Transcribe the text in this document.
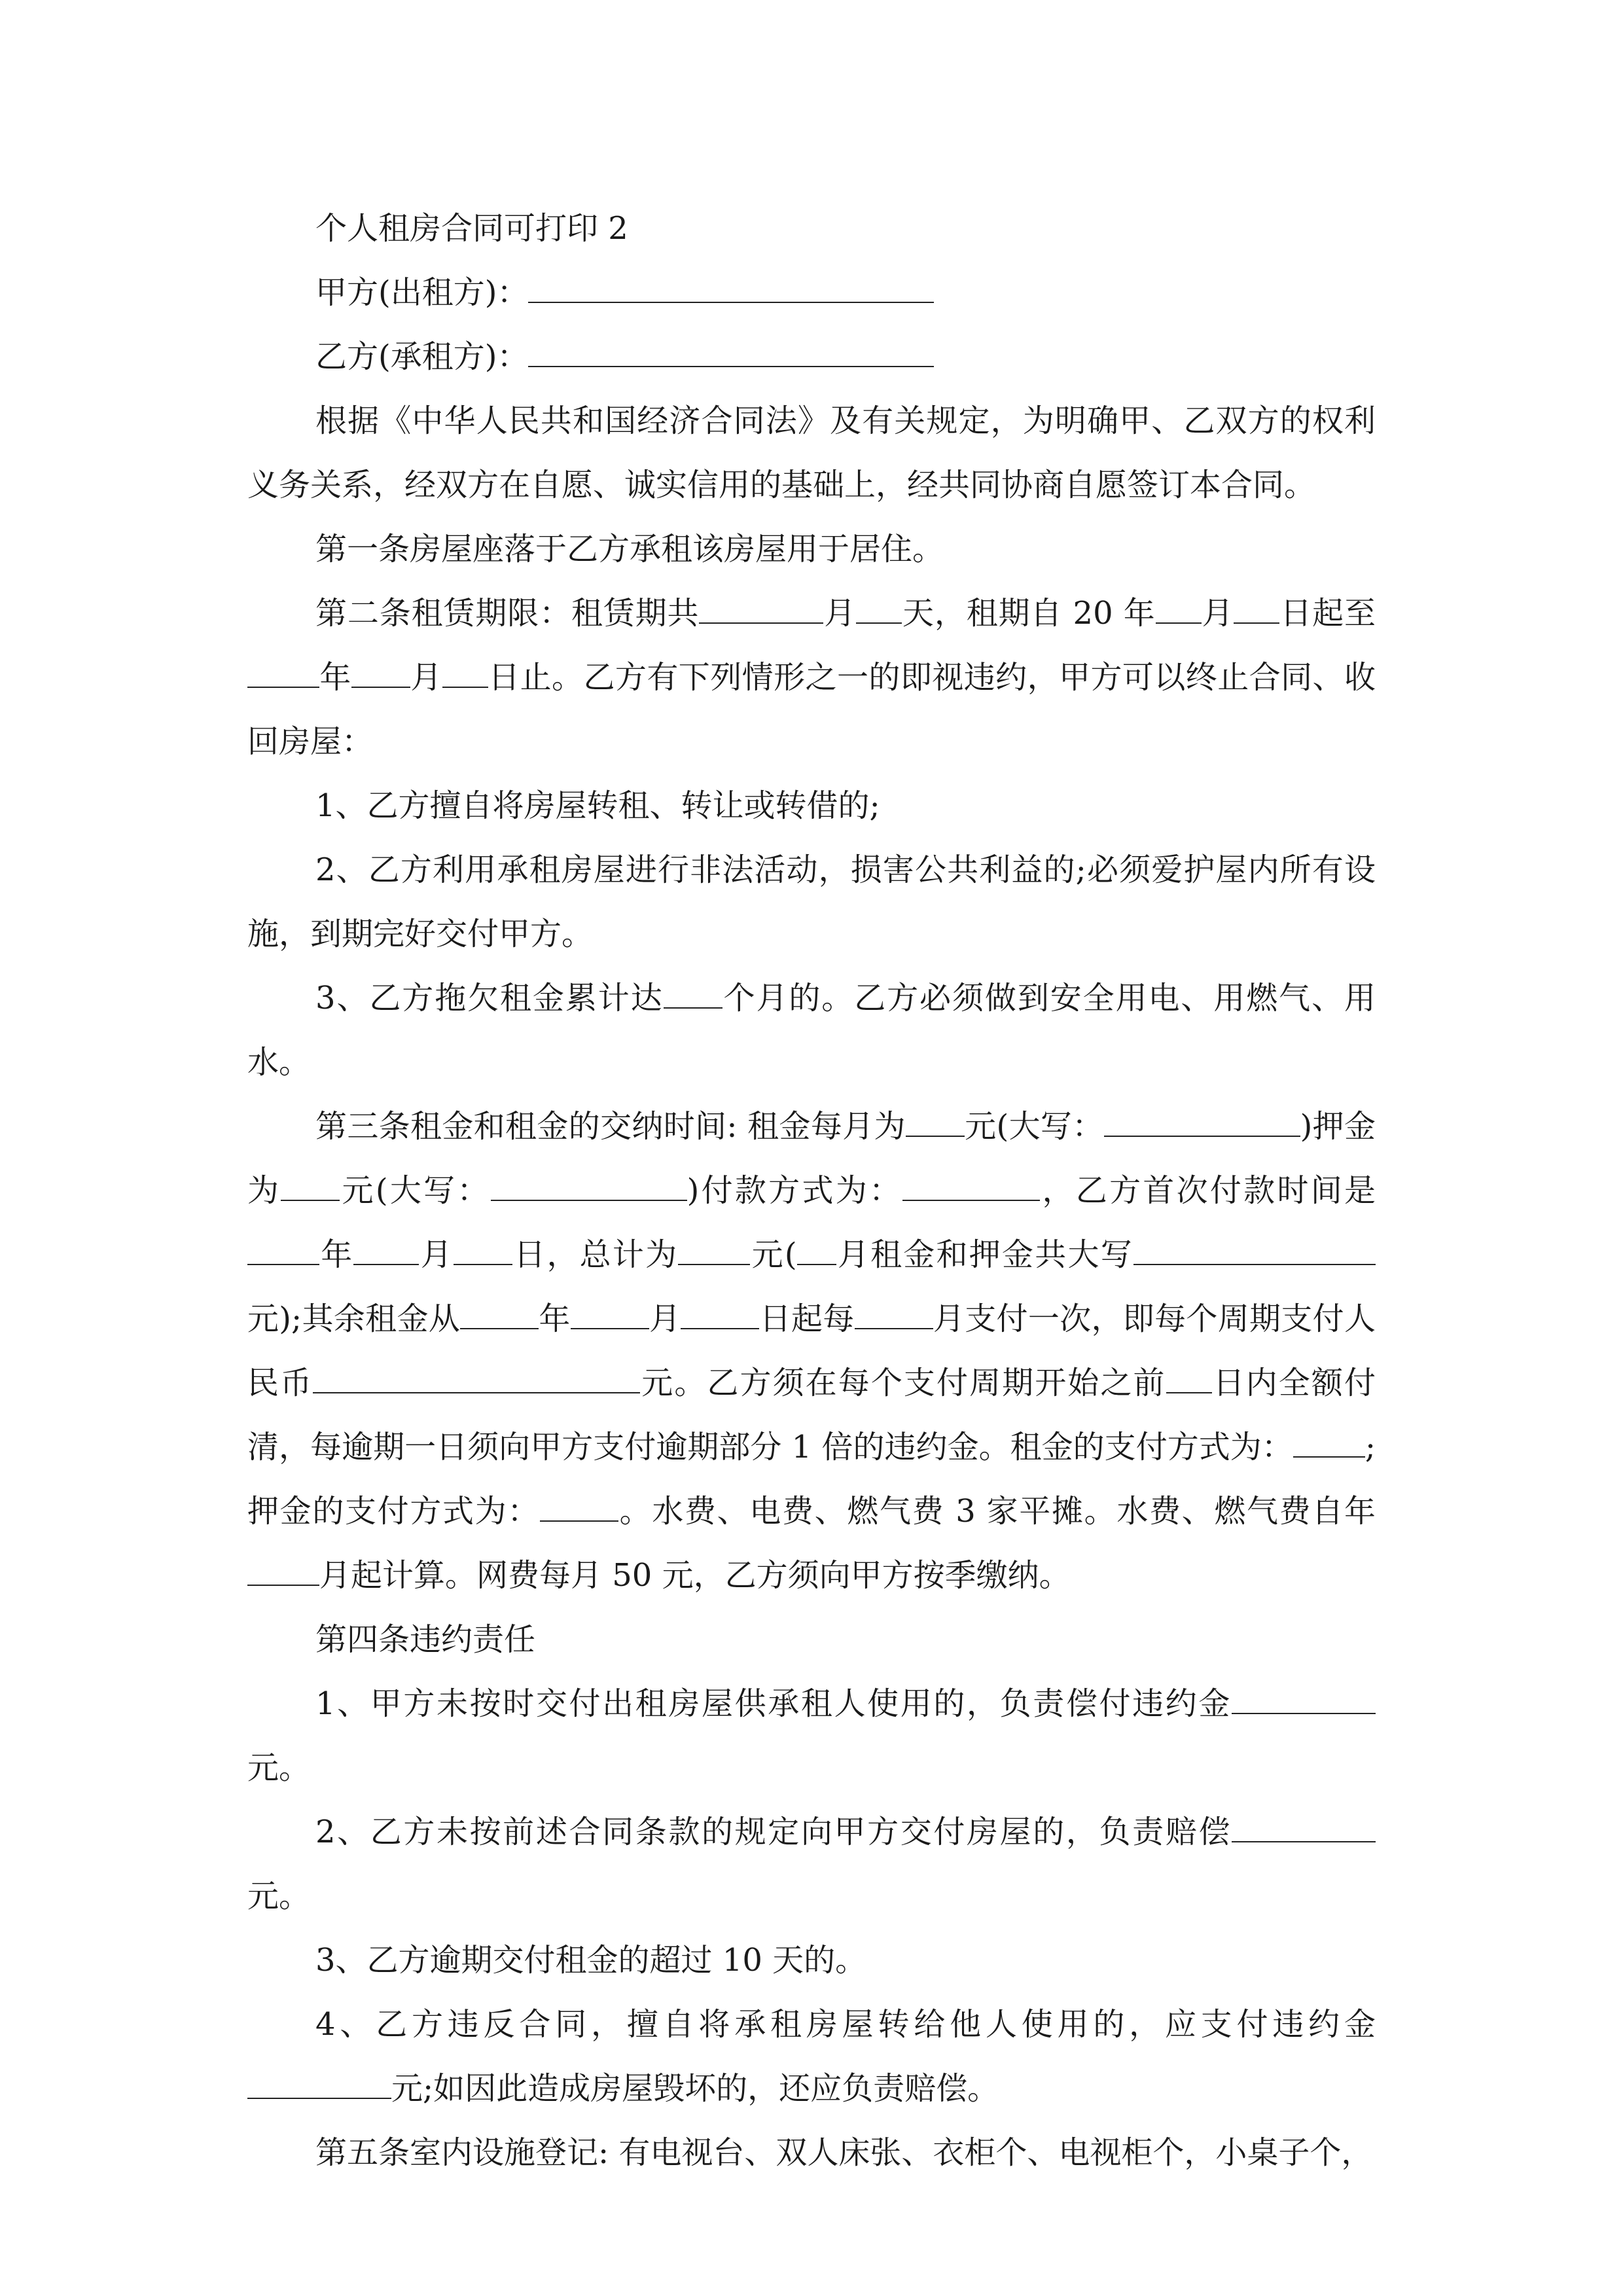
个人租房合同可打印 2

甲方(出租方)：

乙方(承租方)：

根据《中华人民共和国经济合同法》及有关规定，为明确甲、乙双方的权利义务关系，经双方在自愿、诚实信用的基础上，经共同协商自愿签订本合同。

第一条房屋座落于乙方承租该房屋用于居住。

第二条租赁期限：租赁期共	月 天，租期自 20 年 月 日起至年 月 日止。乙方有下列情形之一的即视违约，甲方可以终止合同、收回房屋：

1、乙方擅自将房屋转租、转让或转借的;

2、乙方利用承租房屋进行非法活动，损害公共利益的;必须爱护屋内所有设施，到期完好交付甲方。

3、乙方拖欠租金累计达 个月的。乙方必须做到安全用电、用燃气、用水。

第三条租金和租金的交纳时间: 租金每月为 元(大写：	)押金为 元(大写：	)付款方式为：	，乙方首次付款时间是年 月 日，总计为 元( 月租金和押金共大写元);其余租金从	年	月	日起每	月支付一次，即每个周期支付人民币	元。乙方须在每个支付周期开始之前 日内全额付清，每逾期一日须向甲方支付逾期部分 1 倍的违约金。租金的支付方式为： ;押金的支付方式为：	。水费、电费、燃气费 3 家平摊。水费、燃气费自年月起计算。网费每月 50 元，乙方须向甲方按季缴纳。

第四条违约责任

1、甲方未按时交付出租房屋供承租人使用的，负责偿付违约金元。

2、乙方未按前述合同条款的规定向甲方交付房屋的，负责赔偿元。

3、乙方逾期交付租金的超过 10 天的。

4、乙方违反合同，擅自将承租房屋转给他人使用的，应支付违约金元;如因此造成房屋毁坏的，还应负责赔偿。

第五条室内设施登记: 有电视台、双人床张、衣柜个、电视柜个，小桌子个，
